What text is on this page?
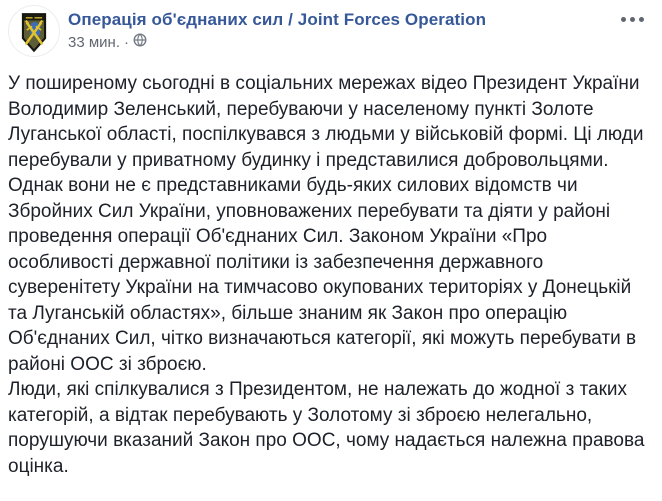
Операція об'єднаних сил / Joint Forces Operation
33 мин. ·

У поширеному сьогодні в соціальних мережах відео Президент України Володимир Зеленський, перебуваючи у населеному пункті Золоте Луганської області, поспілкувався з людьми у військовій формі. Ці люди перебували у приватному будинку і представилися добровольцями.

Однак вони не є представниками будь-яких силових відомств чи Збройних Сил України, уповноважених перебувати та діяти у районі проведення операції Об'єднаних Сил. Законом України «Про особливості державної політики із забезпечення державного суверенітету України на тимчасово окупованих територіях у Донецькій та Луганській областях», більше знаним як Закон про операцію Об'єднаних Сил, чітко визначаються категорії, які можуть перебувати в районі ООС зі зброєю.

Люди, які спілкувалися з Президентом, не належать до жодної з таких категорій, а відтак перебувають у Золотому зі зброєю нелегально, порушуючи вказаний Закон про ООС, чому надається належна правова оцінка.
